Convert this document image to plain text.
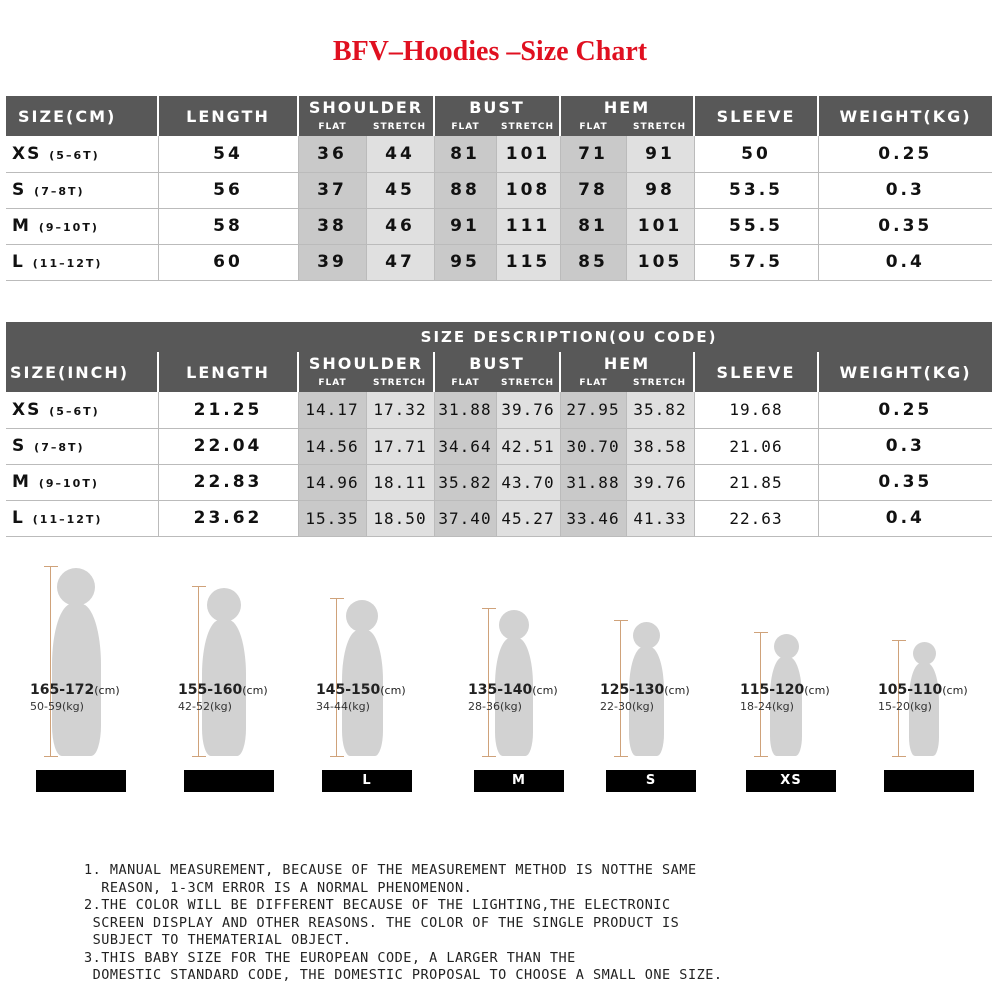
BFV–Hoodies –Size Chart
SIZE(CM)	LENGTH	SHOULDER		BUST		HEM		SLEEVE	WEIGHT(KG)
		FLAT	STRETCH	FLAT	STRETCH	FLAT	STRETCH		
XS (5–6T)	54	36	44	81	101	71	91	50	0.25
S (7–8T)	56	37	45	88	108	78	98	53.5	0.3
M (9–10T)	58	38	46	91	111	81	101	55.5	0.35
L (11–12T)	60	39	47	95	115	85	105	57.5	0.4
SIZE DESCRIPTION(OU CODE)									
SIZE(INCH)	LENGTH	SHOULDER		BUST		HEM		SLEEVE	WEIGHT(KG)
		FLAT	STRETCH	FLAT	STRETCH	FLAT	STRETCH		
XS (5–6T)	21.25	14.17	17.32	31.88	39.76	27.95	35.82	19.68	0.25
S (7–8T)	22.04	14.56	17.71	34.64	42.51	30.70	38.58	21.06	0.3
M (9–10T)	22.83	14.96	18.11	35.82	43.70	31.88	39.76	21.85	0.35
L (11–12T)	23.62	15.35	18.50	37.40	45.27	33.46	41.33	22.63	0.4
165-172(cm)
50-59(kg)
155-160(cm)
42-52(kg)
145-150(cm)
34-44(kg)
L
135-140(cm)
28-36(kg)
M
125-130(cm)
22-30(kg)
S
115-120(cm)
18-24(kg)
XS
105-110(cm)
15-20(kg)
1. MANUAL MEASUREMENT, BECAUSE OF THE MEASUREMENT METHOD IS NOTTHE SAME
REASON, 1-3CM ERROR IS A NORMAL PHENOMENON.
2.THE COLOR WILL BE DIFFERENT BECAUSE OF THE LIGHTING,THE ELECTRONIC
SCREEN DISPLAY AND OTHER REASONS. THE COLOR OF THE SINGLE PRODUCT IS
SUBJECT TO THEMATERIAL OBJECT.
3.THIS BABY SIZE FOR THE EUROPEAN CODE, A LARGER THAN THE
DOMESTIC STANDARD CODE, THE DOMESTIC PROPOSAL TO CHOOSE A SMALL ONE SIZE.
